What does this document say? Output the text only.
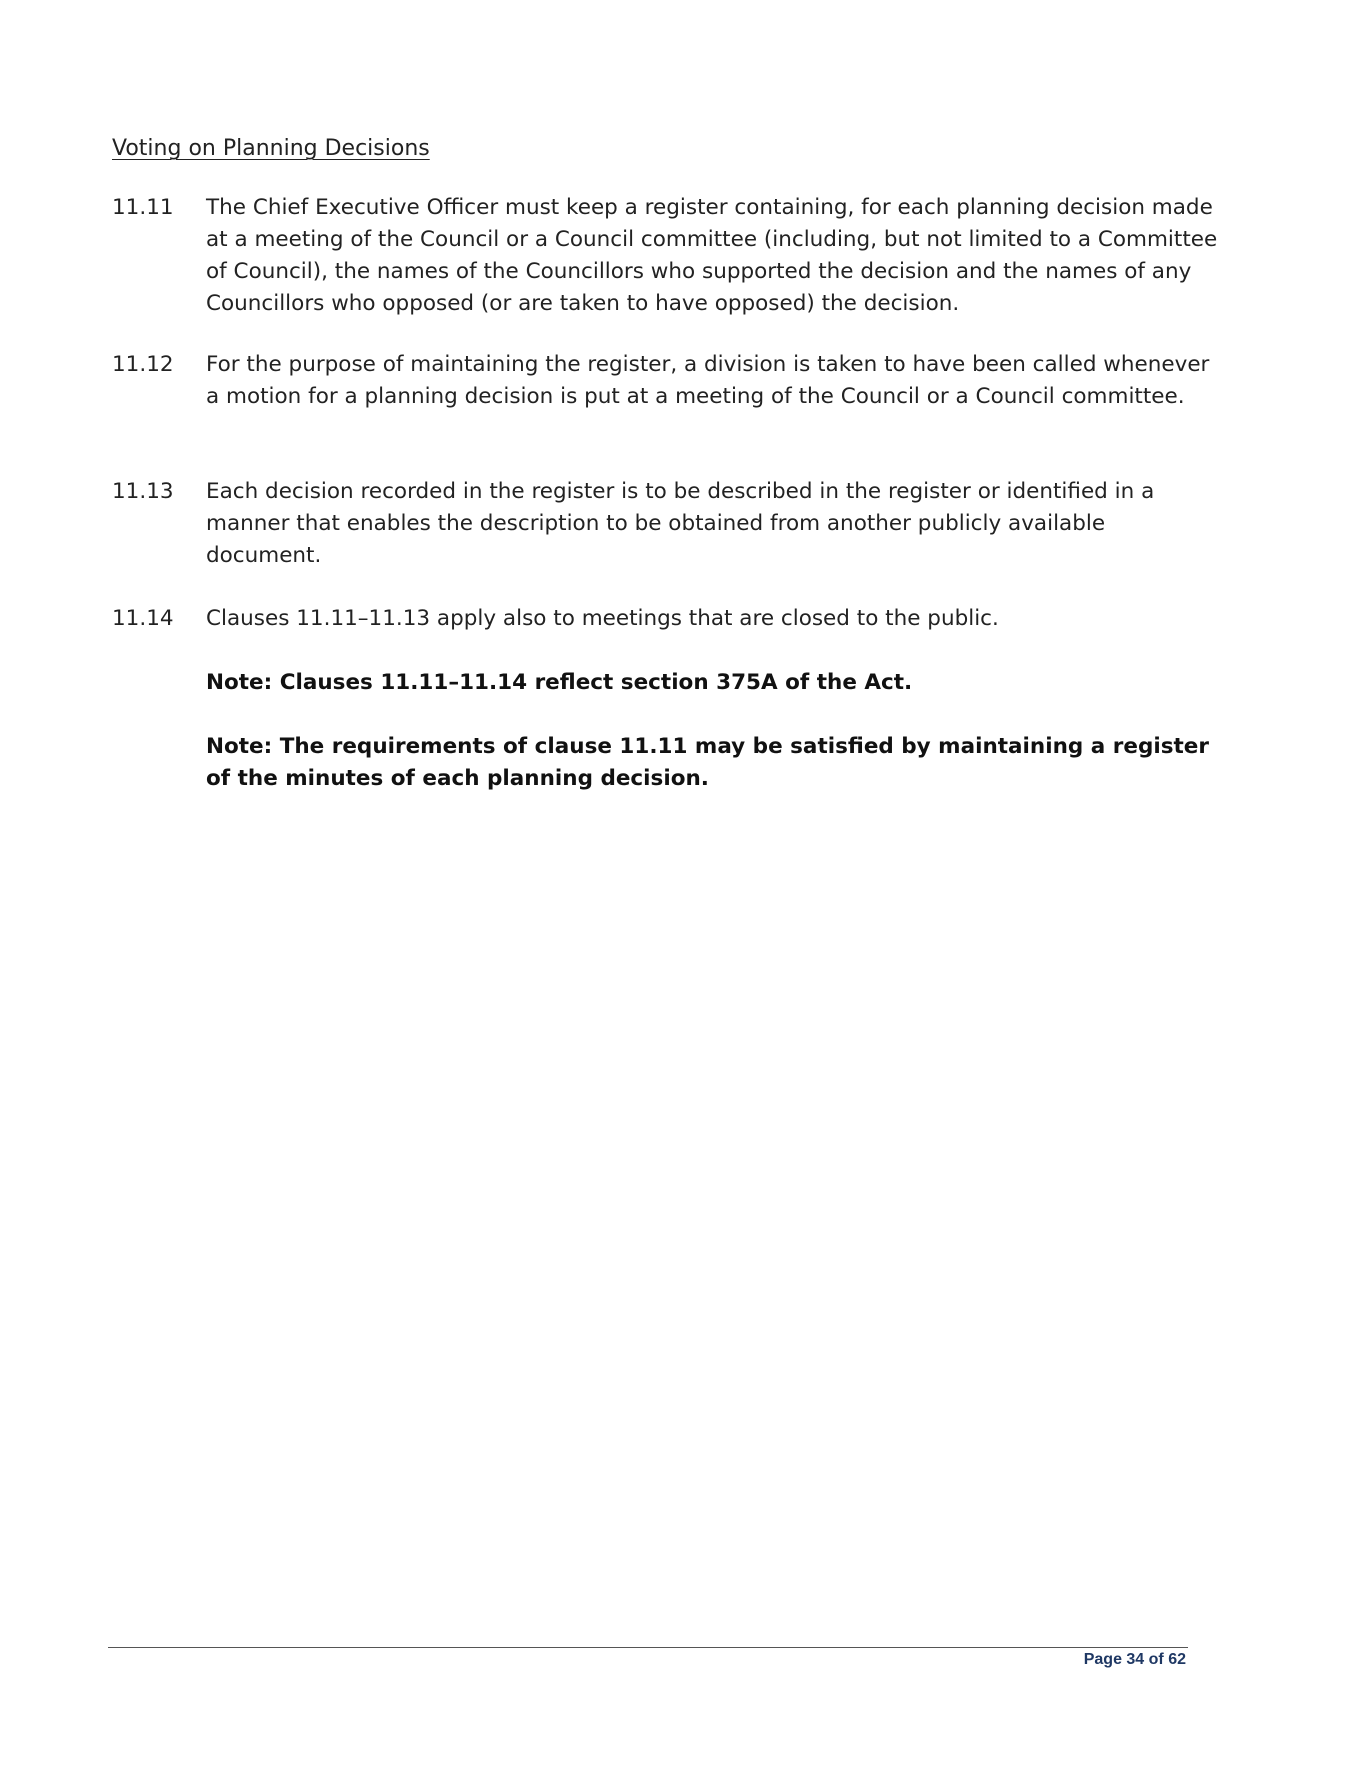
Voting on Planning Decisions
11.11	The Chief Executive Officer must keep a register containing, for each planning decision made at a meeting of the Council or a Council committee (including, but not limited to a Committee of Council), the names of the Councillors who supported the decision and the names of any Councillors who opposed (or are taken to have opposed) the decision.
11.12	For the purpose of maintaining the register, a division is taken to have been called whenever a motion for a planning decision is put at a meeting of the Council or a Council committee.
11.13	Each decision recorded in the register is to be described in the register or identified in a manner that enables the description to be obtained from another publicly available document.
11.14	Clauses 11.11–11.13 apply also to meetings that are closed to the public.

Note: Clauses 11.11–11.14 reflect section 375A of the Act.

Note: The requirements of clause 11.11 may be satisfied by maintaining a register of the minutes of each planning decision.

Page 34 of 62
